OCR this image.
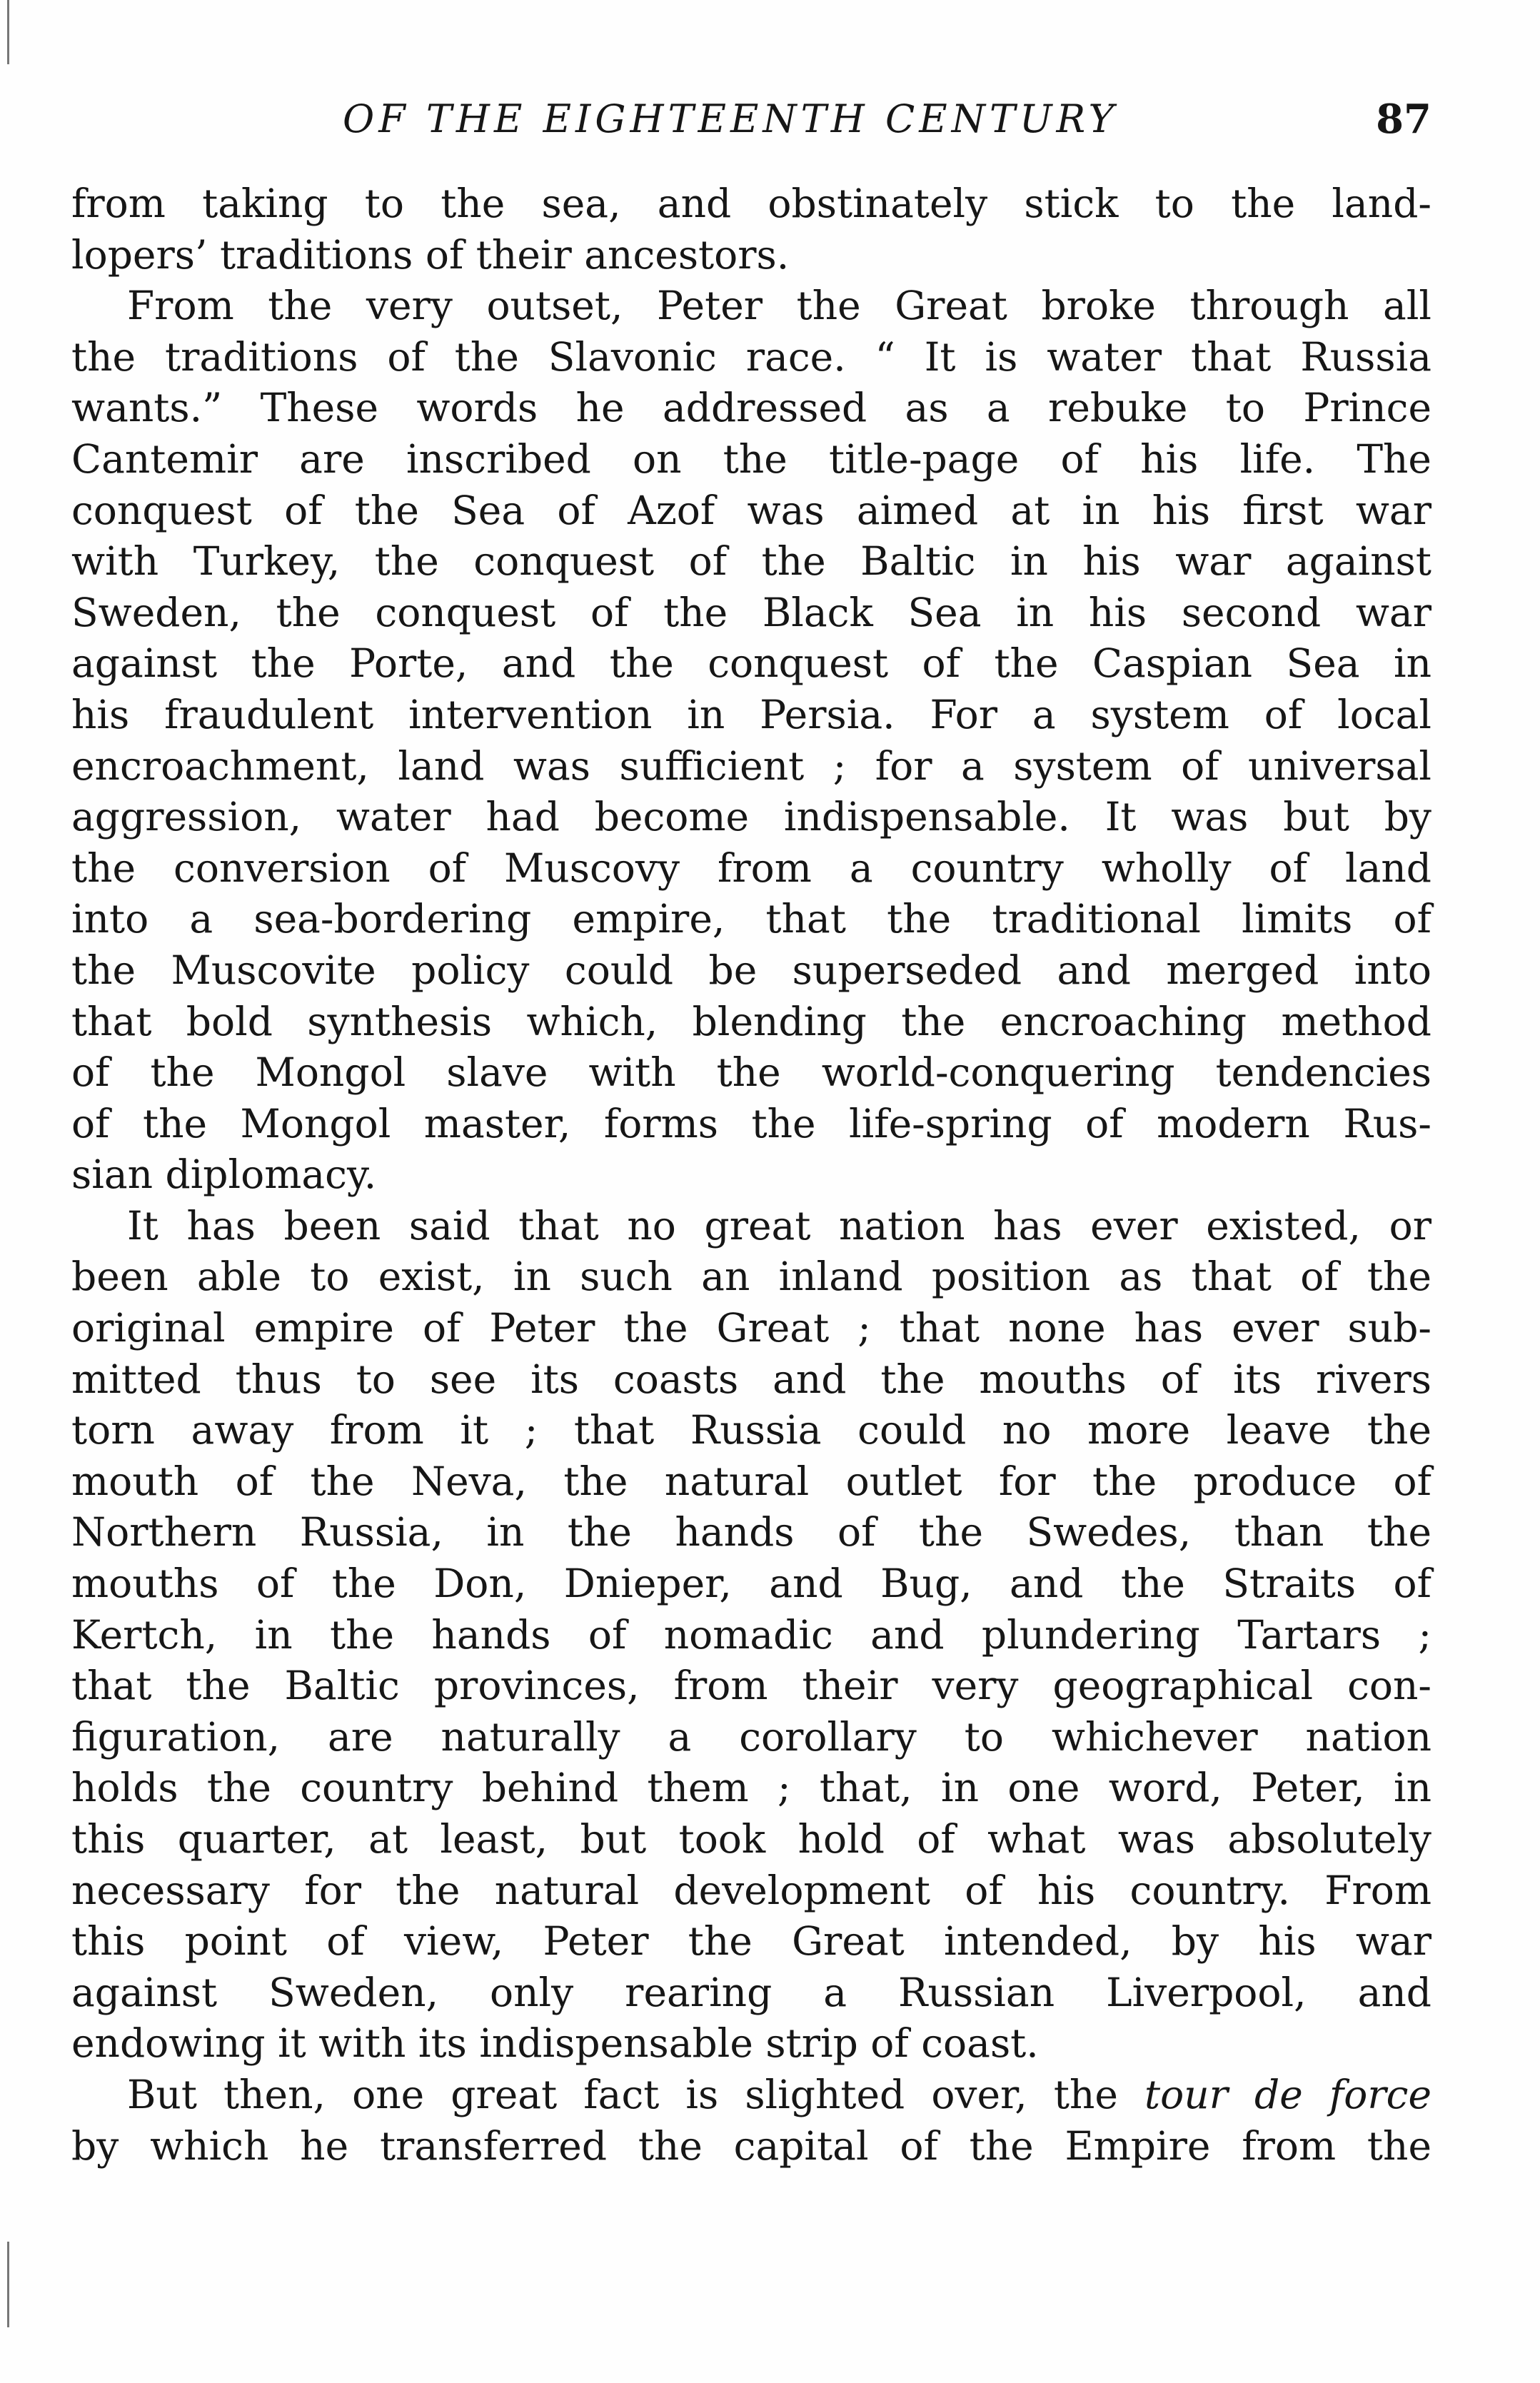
OF THE EIGHTEENTH CENTURY	87
from taking to the sea, and obstinately stick to the land-
lopers’ traditions of their ancestors.
From the very outset, Peter the Great broke through all
the traditions of the Slavonic race. “ It is water that Russia
wants.” These words he addressed as a rebuke to Prince
Cantemir are inscribed on the title-page of his life. The
conquest of the Sea of Azof was aimed at in his first war
with Turkey, the conquest of the Baltic in his war against
Sweden, the conquest of the Black Sea in his second war
against the Porte, and the conquest of the Caspian Sea in
his fraudulent intervention in Persia. For a system of local
encroachment, land was sufficient ; for a system of universal
aggression, water had become indispensable. It was but by
the conversion of Muscovy from a country wholly of land
into a sea-bordering empire, that the traditional limits of
the Muscovite policy could be superseded and merged into
that bold synthesis which, blending the encroaching method
of the Mongol slave with the world-conquering tendencies
of the Mongol master, forms the life-spring of modern Rus-
sian diplomacy.
It has been said that no great nation has ever existed, or
been able to exist, in such an inland position as that of the
original empire of Peter the Great ; that none has ever sub-
mitted thus to see its coasts and the mouths of its rivers
torn away from it ; that Russia could no more leave the
mouth of the Neva, the natural outlet for the produce of
Northern Russia, in the hands of the Swedes, than the
mouths of the Don, Dnieper, and Bug, and the Straits of
Kertch, in the hands of nomadic and plundering Tartars ;
that the Baltic provinces, from their very geographical con-
figuration, are naturally a corollary to whichever nation
holds the country behind them ; that, in one word, Peter, in
this quarter, at least, but took hold of what was absolutely
necessary for the natural development of his country. From
this point of view, Peter the Great intended, by his war
against Sweden, only rearing a Russian Liverpool, and
endowing it with its indispensable strip of coast.
But then, one great fact is slighted over, the tour de force
by which he transferred the capital of the Empire from the
